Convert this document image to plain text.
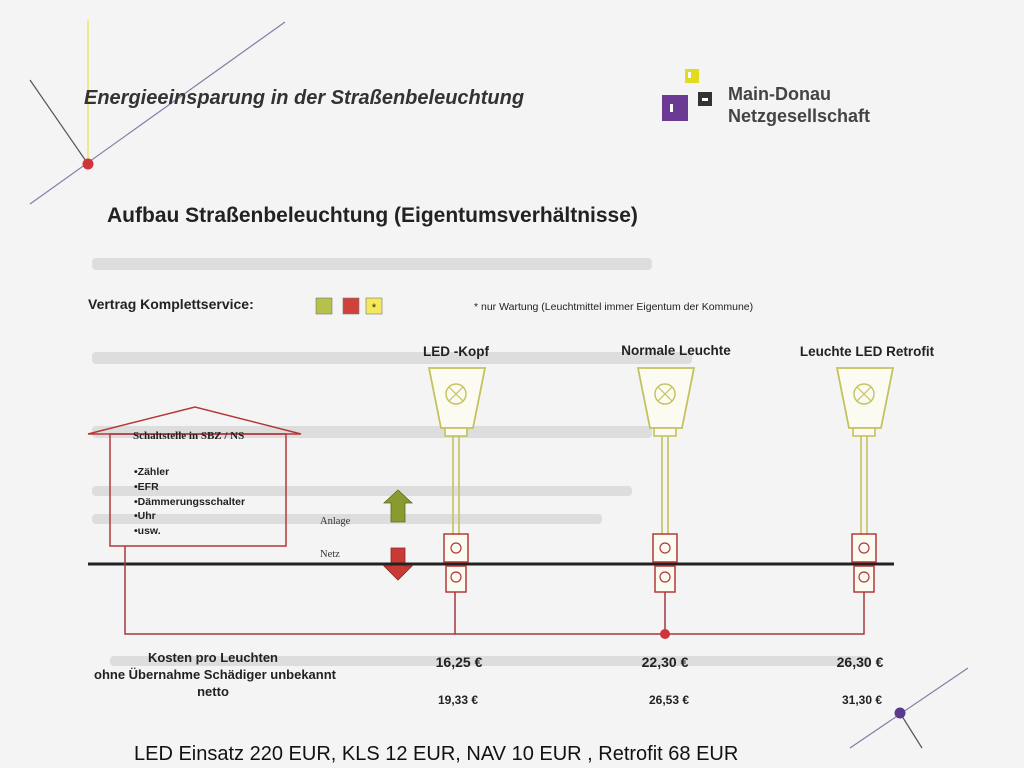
Energieeinsparung in der Straßenbeleuchtung	Main-Donau
Netzgesellschaft
Aufbau Straßenbeleuchtung (Eigentumsverhältnisse)
Vertrag Komplettservice:	*	* nur Wartung (Leuchtmittel immer Eigentum der Kommune)
Schaltstelle in SBZ / NS
•Zähler
•EFR
•Dämmerungsschalter
•Uhr
•usw.
Anlage
Netz
LED -Kopf
16,25 €
19,33 €
Normale Leuchte
22,30 €
26,53 €
Leuchte LED Retrofit
26,30 €
31,30 €
Kosten pro Leuchten
ohne Übernahme Schädiger unbekannt
netto
LED Einsatz 220 EUR, KLS 12 EUR, NAV 10 EUR , Retrofit 68 EUR
